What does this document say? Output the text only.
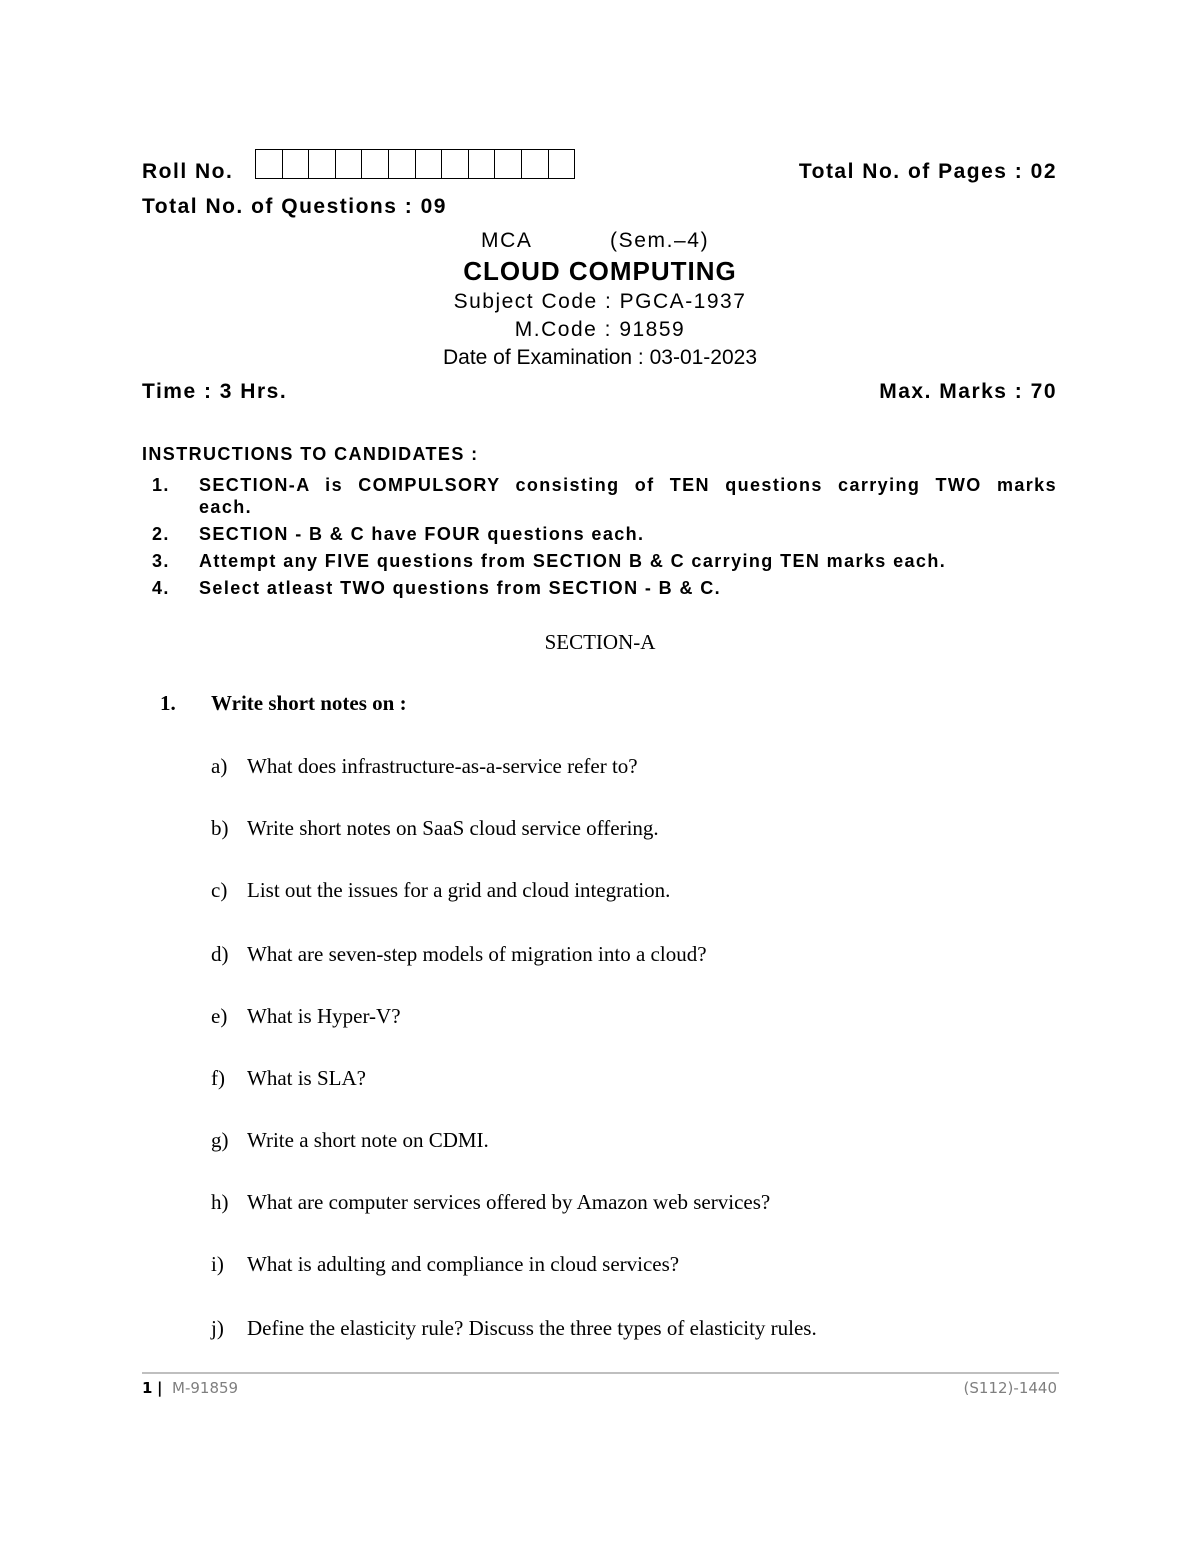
Roll No.	Total No. of Pages : 02
Total No. of Questions : 09
MCA	(Sem.–4)
CLOUD COMPUTING
Subject Code : PGCA-1937
M.Code : 91859
Date of Examination : 03-01-2023
Time : 3 Hrs.	Max. Marks : 70
INSTRUCTIONS TO CANDIDATES :
1. SECTION-A is COMPULSORY consisting of TEN questions carrying TWO marks
each.
2. SECTION - B & C have FOUR questions each.
3. Attempt any FIVE questions from SECTION B & C carrying TEN marks each.
4. Select atleast TWO questions from SECTION - B & C.
SECTION-A
1. Write short notes on :
a) What does infrastructure-as-a-service refer to?
b) Write short notes on SaaS cloud service offering.
c) List out the issues for a grid and cloud integration.
d) What are seven-step models of migration into a cloud?
e) What is Hyper-V?
f) What is SLA?
g) Write a short note on CDMI.
h) What are computer services offered by Amazon web services?
i) What is adulting and compliance in cloud services?
j) Define the elasticity rule? Discuss the three types of elasticity rules.
1 | M-91859	(S112)-1440
